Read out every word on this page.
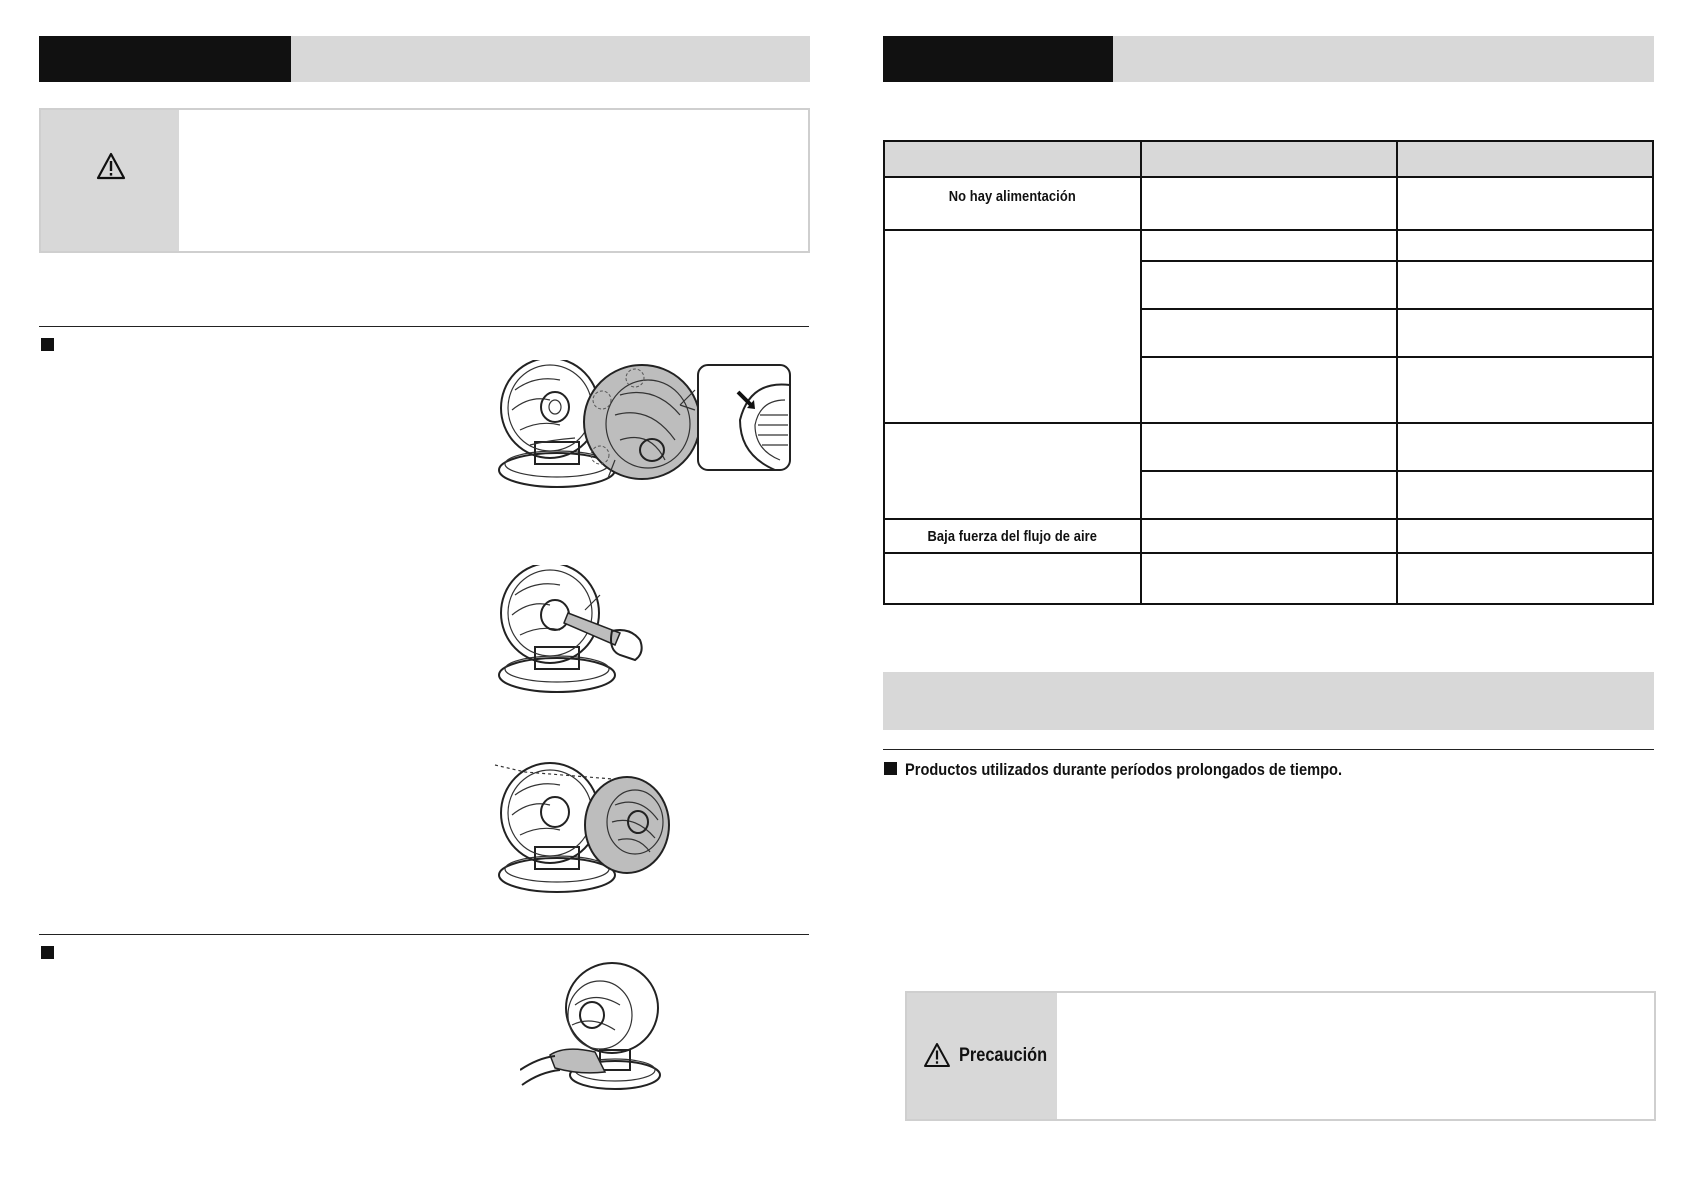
No hay alimentación		

Baja fuerza del flujo de aire		

Productos utilizados durante períodos prolongados de tiempo.
Precaución
